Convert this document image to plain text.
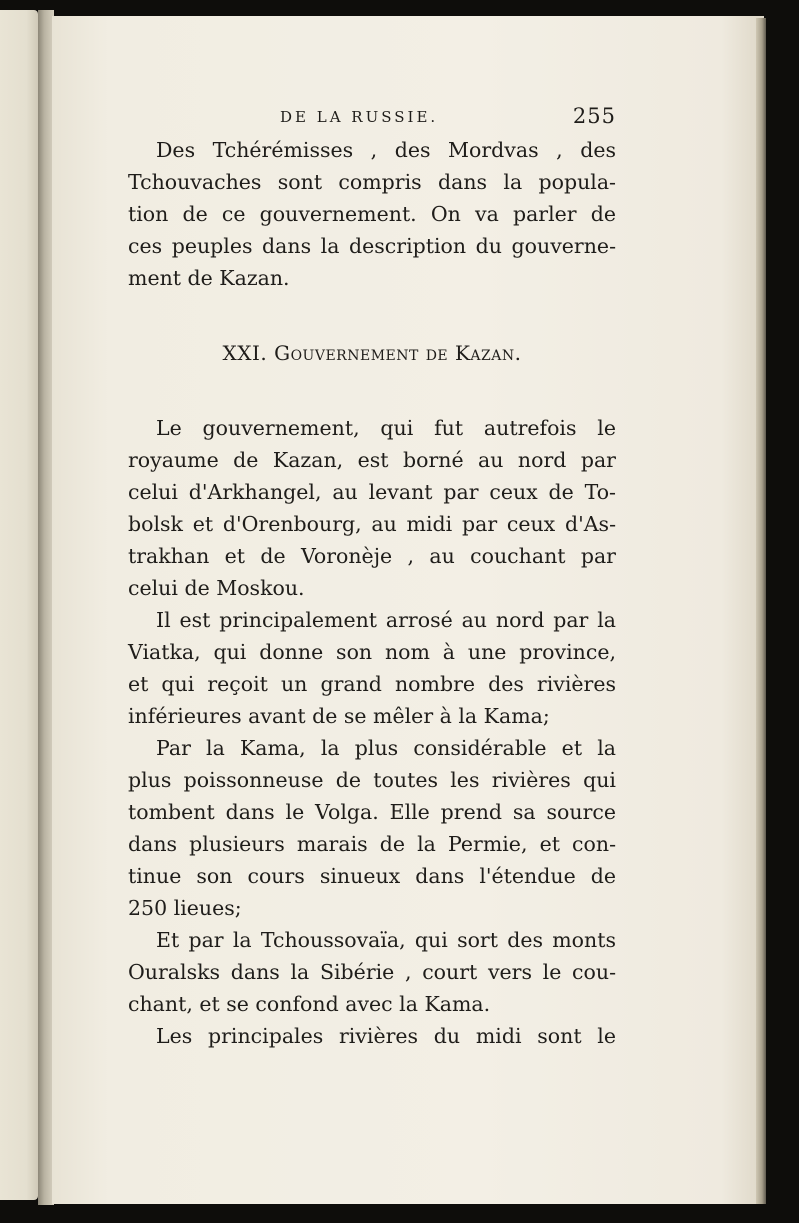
DE LA RUSSIE.	255
Des Tchérémisses , des Mordvas , des
Tchouvaches sont compris dans la popula-
tion de ce gouvernement. On va parler de
ces peuples dans la description du gouverne-
ment de Kazan.
XXI. Gouvernement de Kazan.
Le gouvernement, qui fut autrefois le
royaume de Kazan, est borné au nord par
celui d'Arkhangel, au levant par ceux de To-
bolsk et d'Orenbourg, au midi par ceux d'As-
trakhan et de Voronèje , au couchant par
celui de Moskou.
Il est principalement arrosé au nord par la
Viatka, qui donne son nom à une province,
et qui reçoit un grand nombre des rivières
inférieures avant de se mêler à la Kama;
Par la Kama, la plus considérable et la
plus poissonneuse de toutes les rivières qui
tombent dans le Volga. Elle prend sa source
dans plusieurs marais de la Permie, et con-
tinue son cours sinueux dans l'étendue de
250 lieues;
Et par la Tchoussovaïa, qui sort des monts
Ouralsks dans la Sibérie , court vers le cou-
chant, et se confond avec la Kama.
Les principales rivières du midi sont le
